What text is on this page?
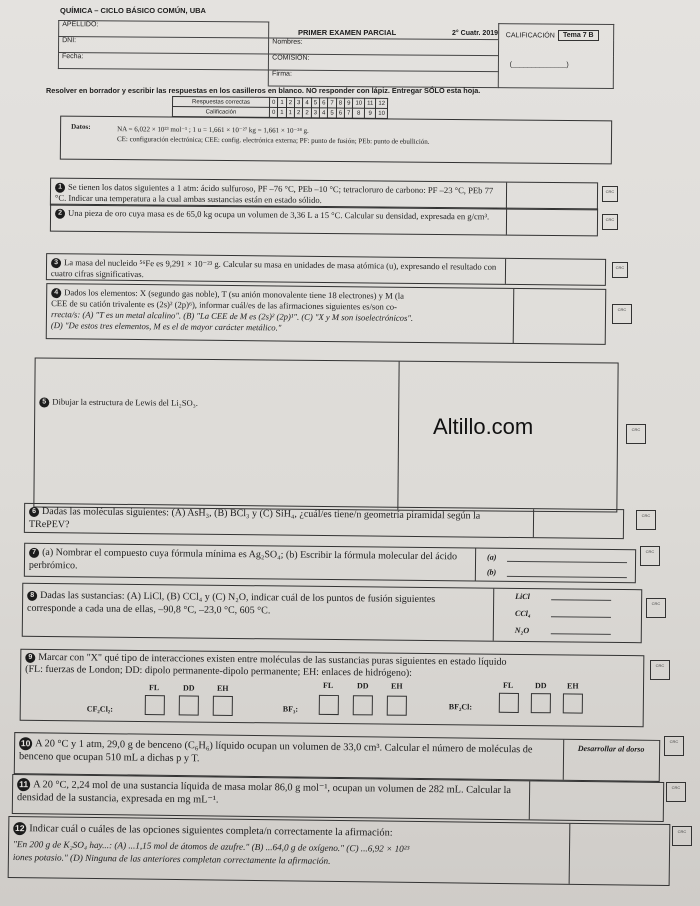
QUÍMICA – CICLO BÁSICO COMÚN, UBA
PRIMER EXAMEN PARCIAL	2° Cuatr. 2019	Tema 7 B
APELLIDO:		CALIFICACIÓN
(______________)

DNI:	Nombres:	
Fecha:	COMISIÓN:	
	Firma:	
Resolver en borrador y escribir las respuestas en los casilleros en blanco. NO responder con lápiz. Entregar SÓLO esta hoja.
Respuestas correctas	0	1	2	3	4	5	6	7	8	9	10	11	12
Calificación	0	1	1	2	2	3	4	5	6	7	8	9	10
Datos:	NA = 6,022 × 10²³ mol⁻¹ ; 1 u = 1,661 × 10⁻²⁷ kg = 1,661 × 10⁻²⁴ g.
CE: configuración electrónica; CEE: config. electrónica externa; PF: punto de fusión; PEb: punto de ebullición.
1 Se tienen los datos siguientes a 1 atm: ácido sulfuroso, PF –76 °C, PEb –10 °C; tetracloruro de carbono: PF –23 °C, PEb 77 °C. Indicar una temperatura a la cual ambas sustancias están en estado sólido.
CRC
2 Una pieza de oro cuya masa es de 65,0 kg ocupa un volumen de 3,36 L a 15 °C. Calcular su densidad, expresada en g/cm³.	CRC
3 La masa del nucleido ⁵⁶Fe es 9,291 × 10⁻²³ g. Calcular su masa en unidades de masa atómica (u), expresando el resultado con cuatro cifras significativas.
CRC
4 Dados los elementos: X (segundo gas noble), T (su anión monovalente tiene 18 electrones) y M (la
CEE de su catión trivalente es (2s)² (2p)⁶), informar cuál/es de las afirmaciones siguientes es/son co-
rrecta/s: (A) "T es un metal alcalino". (B) "La CEE de M es (2s)² (2p)¹". (C) "X y M son isoelectrónicos".
(D) "De estos tres elementos, M es el de mayor carácter metálico."
CRC
5 Dibujar la estructura de Lewis del Li₂SO₃.
Altillo.com	CRC
6 Dadas las moléculas siguientes: (A) AsH₃, (B) BCl₃ y (C) SiH₄, ¿cuál/es tiene/n geometría piramidal según la TRePEV?
CRC
7 (a) Nombrar el compuesto cuya fórmula mínima es Ag₂SO₄; (b) Escribir la fórmula molecular del ácido perbrómico.
(a)
(b)
CRC
8 Dadas las sustancias: (A) LiCl, (B) CCl₄ y (C) N₂O, indicar cuál de los puntos de fusión siguientes corresponde a cada una de ellas, –90,8 °C, –23,0 °C, 605 °C.
LiCl
CCl₄
N₂O
CRC
9 Marcar con "X" qué tipo de interacciones existen entre moléculas de las sustancias puras siguientes en estado líquido
(FL: fuerzas de London; DD: dipolo permanente-dipolo permanente; EH: enlaces de hidrógeno):
FL	DD	EH
CF₂Cl₂:
FL	DD	EH
BF₃:
FL	DD	EH
BF₂Cl:
CRC
10 A 20 °C y 1 atm, 29,0 g de benceno (C₆H₆) líquido ocupan un volumen de 33,0 cm³. Calcular el número de moléculas de benceno que ocupan 510 mL a dichas p y T.
Desarrollar al dorso
CRC
11 A 20 °C, 2,24 mol de una sustancia líquida de masa molar 86,0 g mol⁻¹, ocupan un volumen de 282 mL. Calcular la densidad de la sustancia, expresada en mg mL⁻¹.
CRC
12 Indicar cuál o cuáles de las opciones siguientes completa/n correctamente la afirmación:
"En 200 g de K₂SO₄ hay...: (A) ...1,15 mol de átomos de azufre." (B) ...64,0 g de oxígeno." (C) ...6,92 × 10²³
iones potasio." (D) Ninguna de las anteriores completan correctamente la afirmación.
CRC
